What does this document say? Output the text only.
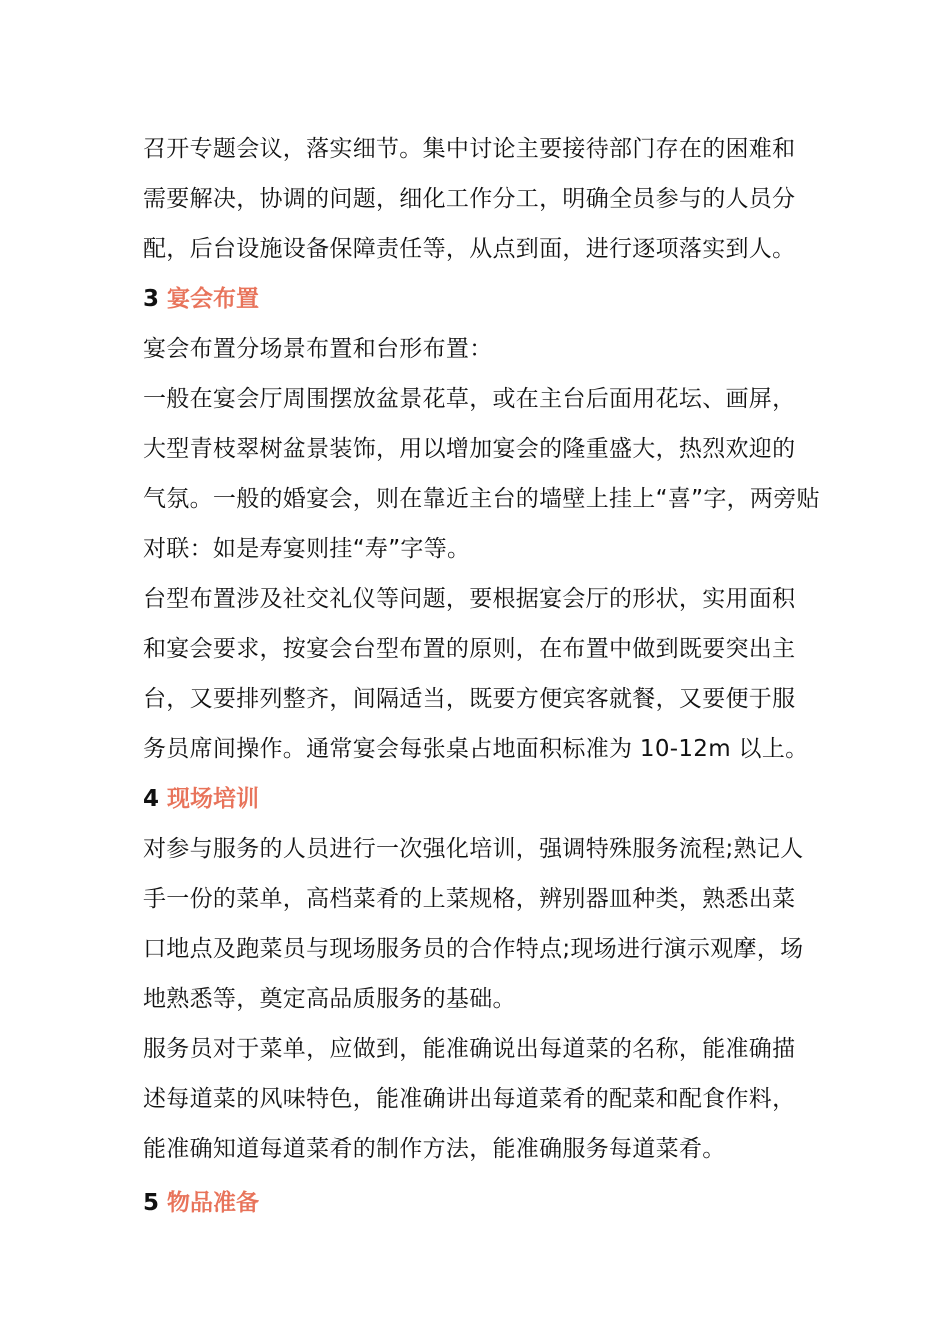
召开专题会议，落实细节。集中讨论主要接待部门存在的困难和
需要解决，协调的问题，细化工作分工，明确全员参与的人员分
配，后台设施设备保障责任等，从点到面，进行逐项落实到人。

3 宴会布置

宴会布置分场景布置和台形布置：

一般在宴会厅周围摆放盆景花草，或在主台后面用花坛、画屏，
大型青枝翠树盆景装饰，用以增加宴会的隆重盛大，热烈欢迎的
气氛。一般的婚宴会，则在靠近主台的墙壁上挂上“喜”字，两旁贴
对联：如是寿宴则挂“寿”字等。

台型布置涉及社交礼仪等问题，要根据宴会厅的形状，实用面积
和宴会要求，按宴会台型布置的原则，在布置中做到既要突出主
台，又要排列整齐，间隔适当，既要方便宾客就餐，又要便于服
务员席间操作。通常宴会每张桌占地面积标准为 10-12m 以上。

4 现场培训

对参与服务的人员进行一次强化培训，强调特殊服务流程;熟记人
手一份的菜单，高档菜肴的上菜规格，辨别器皿种类，熟悉出菜
口地点及跑菜员与现场服务员的合作特点;现场进行演示观摩，场
地熟悉等，奠定高品质服务的基础。

服务员对于菜单，应做到，能准确说出每道菜的名称，能准确描
述每道菜的风味特色，能准确讲出每道菜肴的配菜和配食作料，
能准确知道每道菜肴的制作方法，能准确服务每道菜肴。

5 物品准备
